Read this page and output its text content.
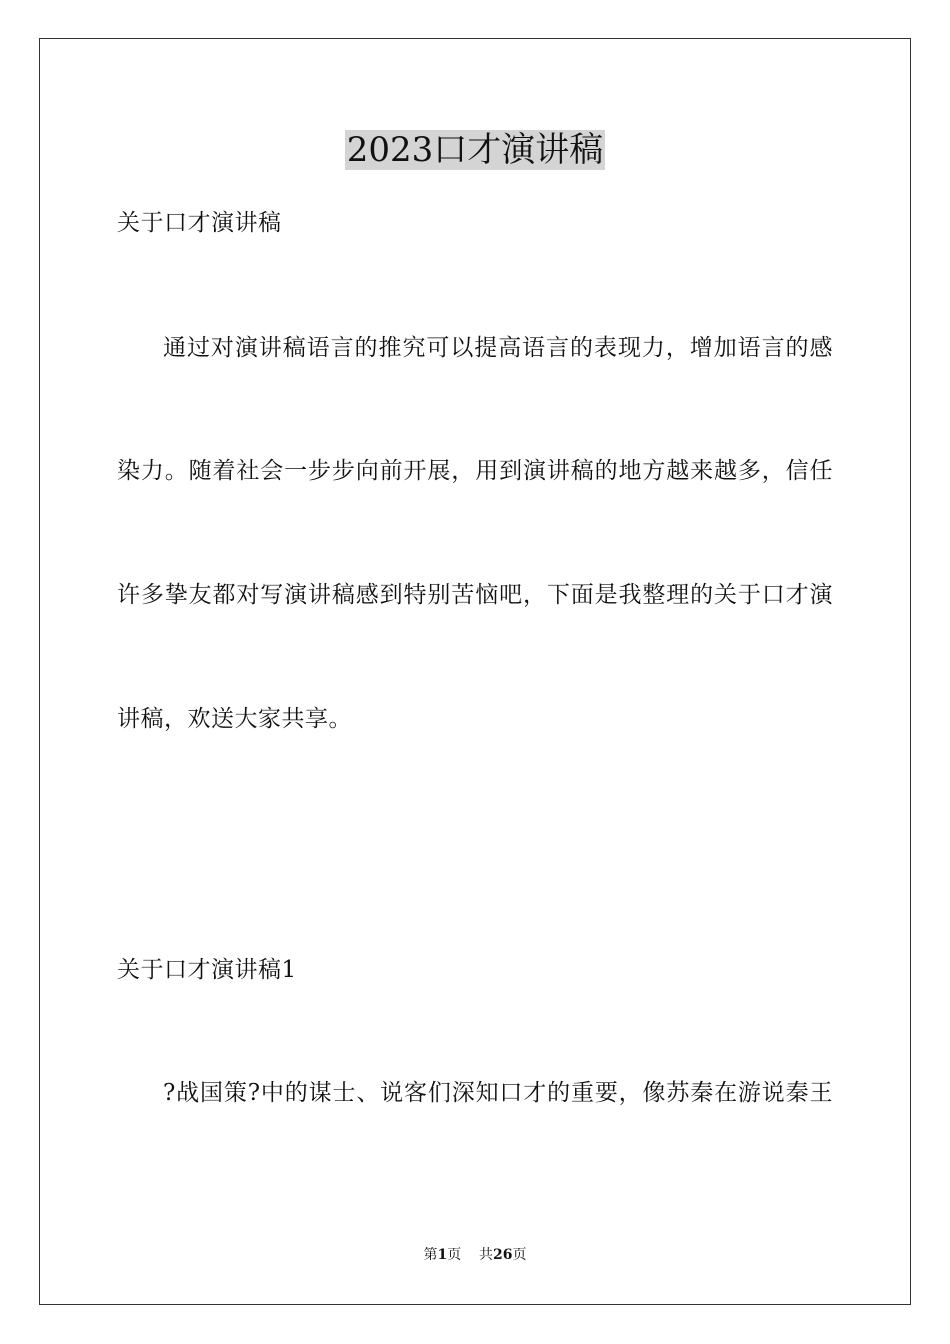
2023口才演讲稿
关于口才演讲稿
通过对演讲稿语言的推究可以提高语言的表现力，增加语言的感
染力。随着社会一步步向前开展，用到演讲稿的地方越来越多，信任
许多挚友都对写演讲稿感到特别苦恼吧，下面是我整理的关于口才演
讲稿，欢送大家共享。
关于口才演讲稿1
?战国策?中的谋士、说客们深知口才的重要，像苏秦在游说秦王
第1页 共26页
